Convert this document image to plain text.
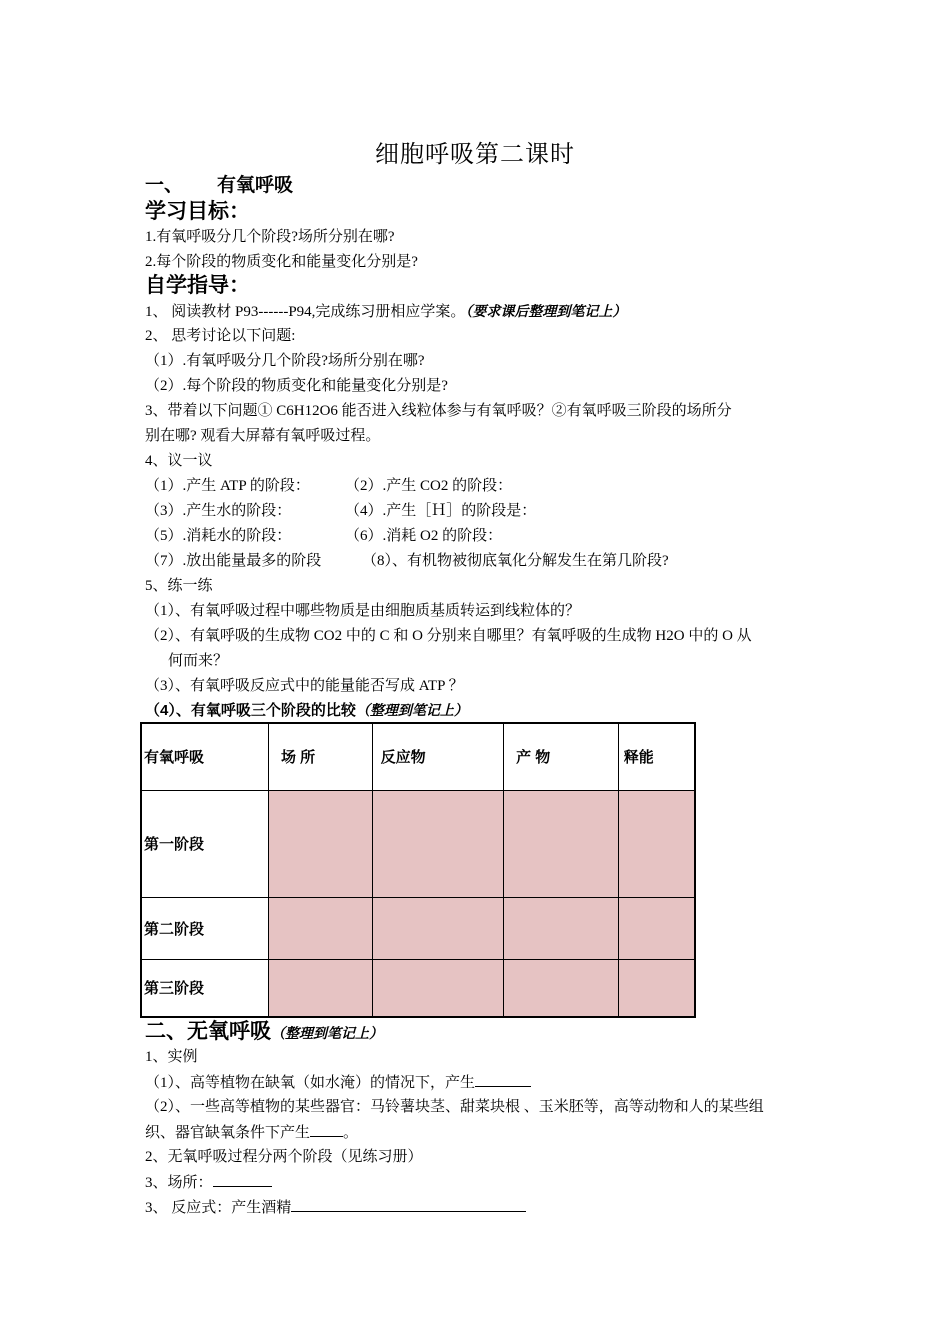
细胞呼吸第二课时
一、 有氧呼吸
学习目标：
1.有氧呼吸分几个阶段?场所分别在哪?
2.每个阶段的物质变化和能量变化分别是?
自学指导：
1、 阅读教材 P93------P94,完成练习册相应学案。（要求课后整理到笔记上）
2、 思考讨论以下问题:
（1）.有氧呼吸分几个阶段?场所分别在哪?
（2）.每个阶段的物质变化和能量变化分别是?
3、带着以下问题① C6H12O6 能否进入线粒体参与有氧呼吸？②有氧呼吸三阶段的场所分
别在哪? 观看大屏幕有氧呼吸过程。
4、议一议
（1）.产生 ATP 的阶段： （2）.产生 CO2 的阶段：
（3）.产生水的阶段：	（4）.产生［Ｈ］的阶段是：
（5）.消耗水的阶段：	（6）.消耗 O2 的阶段：
（7）.放出能量最多的阶段	（8）、有机物被彻底氧化分解发生在第几阶段?
5、练一练
（1）、有氧呼吸过程中哪些物质是由细胞质基质转运到线粒体的？
（2）、有氧呼吸的生成物 CO2 中的 C 和 O 分别来自哪里？有氧呼吸的生成物 H2O 中的 O 从
何而来？
（3）、有氧呼吸反应式中的能量能否写成 ATP ？
（4）、有氧呼吸三个阶段的比较（整理到笔记上）
有氧呼吸	场 所	反应物	产 物	释能
第一阶段				
第二阶段				
第三阶段				
二、无氧呼吸（整理到笔记上）
1、实例
（1）、高等植物在缺氧（如水淹）的情况下，产生
（2）、一些高等植物的某些器官：马铃薯块茎、甜菜块根 、玉米胚等，高等动物和人的某些组
织、器官缺氧条件下产生 。
2、无氧呼吸过程分两个阶段（见练习册）
3、场所：
3、 反应式：产生酒精
